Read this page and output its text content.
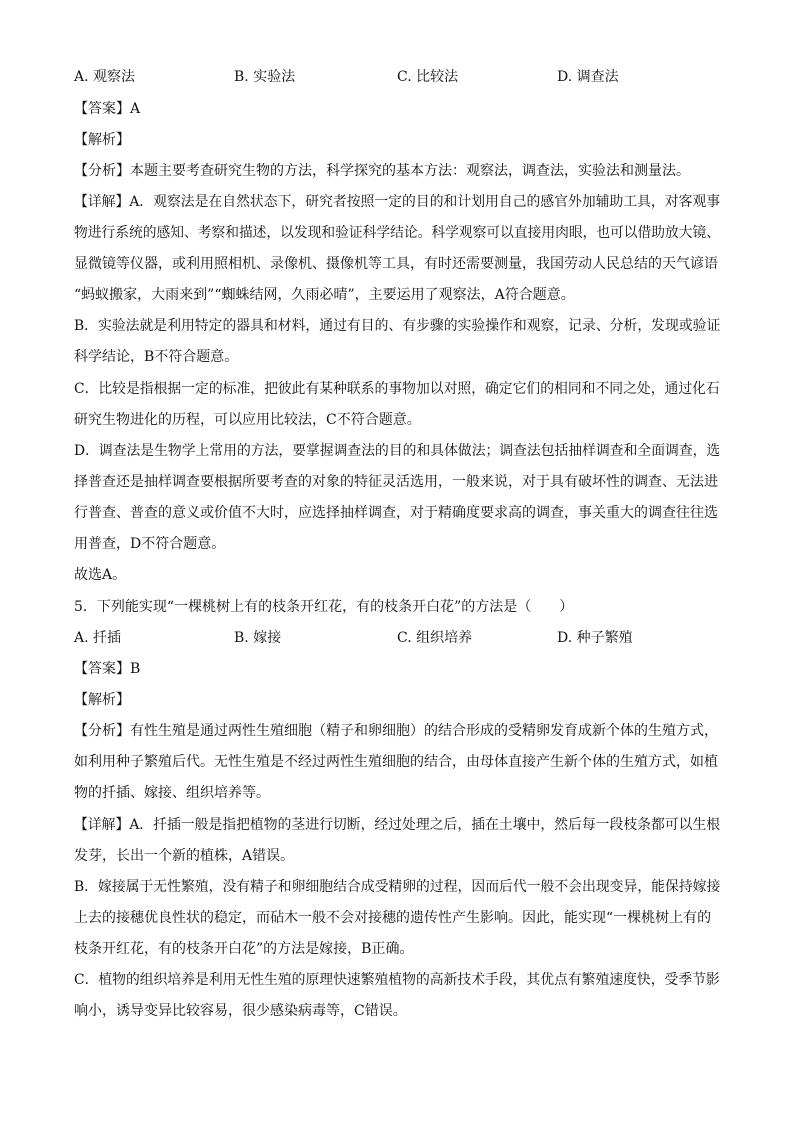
A. 观察法	B. 实验法	C. 比较法	D. 调查法
【答案】A
【解析】
【分析】本题主要考查研究生物的方法，科学探究的基本方法：观察法，调查法，实验法和测量法。
【详解】A．观察法是在自然状态下，研究者按照一定的目的和计划用自己的感官外加辅助工具，对客观事
物进行系统的感知、考察和描述，以发现和验证科学结论。科学观察可以直接用肉眼，也可以借助放大镜、
显微镜等仪器，或利用照相机、录像机、摄像机等工具，有时还需要测量，我国劳动人民总结的天气谚语
“蚂蚁搬家，大雨来到”“蜘蛛结网，久雨必晴”，主要运用了观察法，A符合题意。
B．实验法就是利用特定的器具和材料，通过有目的、有步骤的实验操作和观察，记录、分析，发现或验证
科学结论，B不符合题意。
C．比较是指根据一定的标准，把彼此有某种联系的事物加以对照，确定它们的相同和不同之处，通过化石
研究生物进化的历程，可以应用比较法，C不符合题意。
D．调查法是生物学上常用的方法，要掌握调查法的目的和具体做法；调查法包括抽样调查和全面调查，选
择普查还是抽样调查要根据所要考查的对象的特征灵活选用，一般来说，对于具有破坏性的调查、无法进
行普查、普查的意义或价值不大时，应选择抽样调查，对于精确度要求高的调查，事关重大的调查往往选
用普查，D不符合题意。
故选A。
5．下列能实现“一棵桃树上有的枝条开红花，有的枝条开白花”的方法是（　　）
A. 扦插	B. 嫁接	C. 组织培养	D. 种子繁殖
【答案】B
【解析】
【分析】有性生殖是通过两性生殖细胞（精子和卵细胞）的结合形成的受精卵发育成新个体的生殖方式，
如利用种子繁殖后代。无性生殖是不经过两性生殖细胞的结合，由母体直接产生新个体的生殖方式，如植
物的扦插、嫁接、组织培养等。
【详解】A．扦插一般是指把植物的茎进行切断，经过处理之后，插在土壤中，然后每一段枝条都可以生根
发芽，长出一个新的植株，A错误。
B．嫁接属于无性繁殖，没有精子和卵细胞结合成受精卵的过程，因而后代一般不会出现变异，能保持嫁接
上去的接穗优良性状的稳定，而砧木一般不会对接穗的遗传性产生影响。因此，能实现“一棵桃树上有的
枝条开红花，有的枝条开白花”的方法是嫁接，B正确。
C．植物的组织培养是利用无性生殖的原理快速繁殖植物的高新技术手段，其优点有繁殖速度快，受季节影
响小，诱导变异比较容易，很少感染病毒等，C错误。
